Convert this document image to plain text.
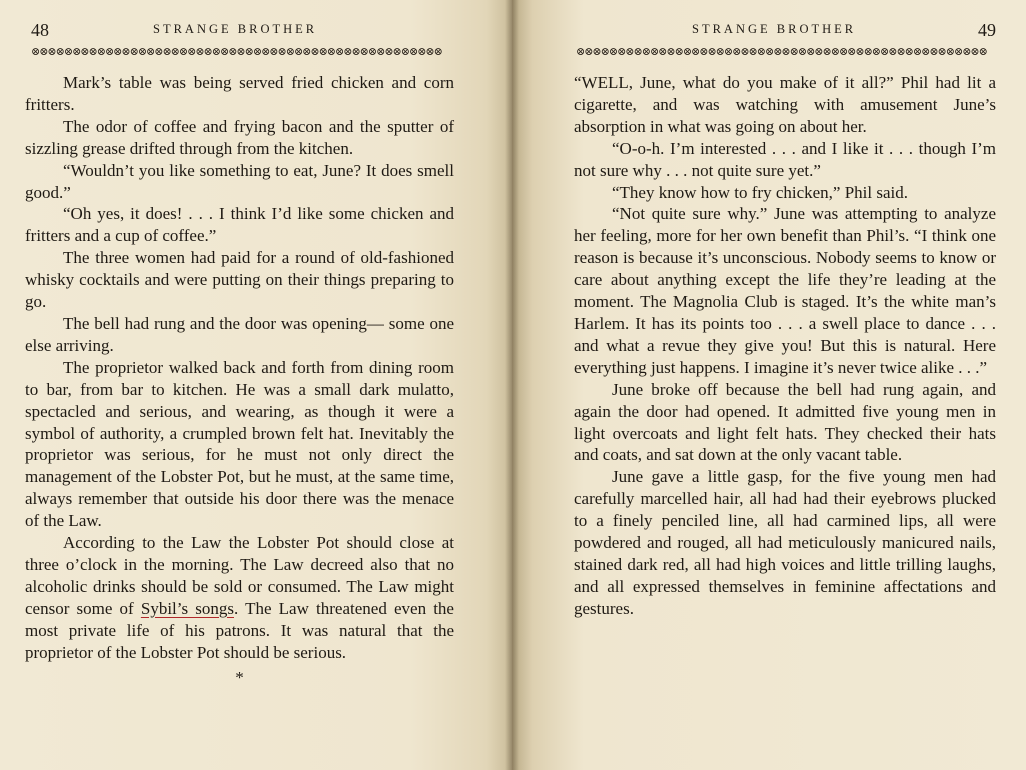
48	STRANGE BROTHER
⊗⊗⊗⊗⊗⊗⊗⊗⊗⊗⊗⊗⊗⊗⊗⊗⊗⊗⊗⊗⊗⊗⊗⊗⊗⊗⊗⊗⊗⊗⊗⊗⊗⊗⊗⊗⊗⊗⊗⊗⊗⊗⊗⊗⊗⊗⊗⊗⊗⊗

Mark’s table was being served fried chicken and corn fritters.

The odor of coffee and frying bacon and the sputter of sizzling grease drifted through from the kitchen.

“Wouldn’t you like something to eat, June? It does smell good.”

“Oh yes, it does! . . . I think I’d like some chicken and fritters and a cup of coffee.”

The three women had paid for a round of old-fashioned whisky cocktails and were putting on their things preparing to go.

The bell had rung and the door was opening— some one else arriving.

The proprietor walked back and forth from dining room to bar, from bar to kitchen. He was a small dark mulatto, spectacled and serious, and wearing, as though it were a symbol of authority, a crumpled brown felt hat. Inevitably the proprietor was serious, for he must not only direct the management of the Lobster Pot, but he must, at the same time, always remember that outside his door there was the menace of the Law.

According to the Law the Lobster Pot should close at three o’clock in the morning. The Law decreed also that no alcoholic drinks should be sold or consumed. The Law might censor some of Sybil’s songs. The Law threatened even the most private life of his patrons. It was natural that the proprietor of the Lobster Pot should be serious.

*

STRANGE BROTHER	49
⊗⊗⊗⊗⊗⊗⊗⊗⊗⊗⊗⊗⊗⊗⊗⊗⊗⊗⊗⊗⊗⊗⊗⊗⊗⊗⊗⊗⊗⊗⊗⊗⊗⊗⊗⊗⊗⊗⊗⊗⊗⊗⊗⊗⊗⊗⊗⊗⊗⊗

“WELL, June, what do you make of it all?” Phil had lit a cigarette, and was watching with amusement June’s absorption in what was going on about her.

“O-o-h. I’m interested . . . and I like it . . . though I’m not sure why . . . not quite sure yet.”

“They know how to fry chicken,” Phil said.

“Not quite sure why.” June was attempting to analyze her feeling, more for her own benefit than Phil’s. “I think one reason is because it’s unconscious. Nobody seems to know or care about anything except the life they’re leading at the moment. The Magnolia Club is staged. It’s the white man’s Harlem. It has its points too . . . a swell place to dance . . . and what a revue they give you! But this is natural. Here everything just happens. I imagine it’s never twice alike . . .”

June broke off because the bell had rung again, and again the door had opened. It admitted five young men in light overcoats and light felt hats. They checked their hats and coats, and sat down at the only vacant table.

June gave a little gasp, for the five young men had carefully marcelled hair, all had had their eyebrows plucked to a finely penciled line, all had carmined lips, all were powdered and rouged, all had meticulously manicured nails, stained dark red, all had high voices and little trilling laughs, and all expressed themselves in feminine affectations and gestures.
